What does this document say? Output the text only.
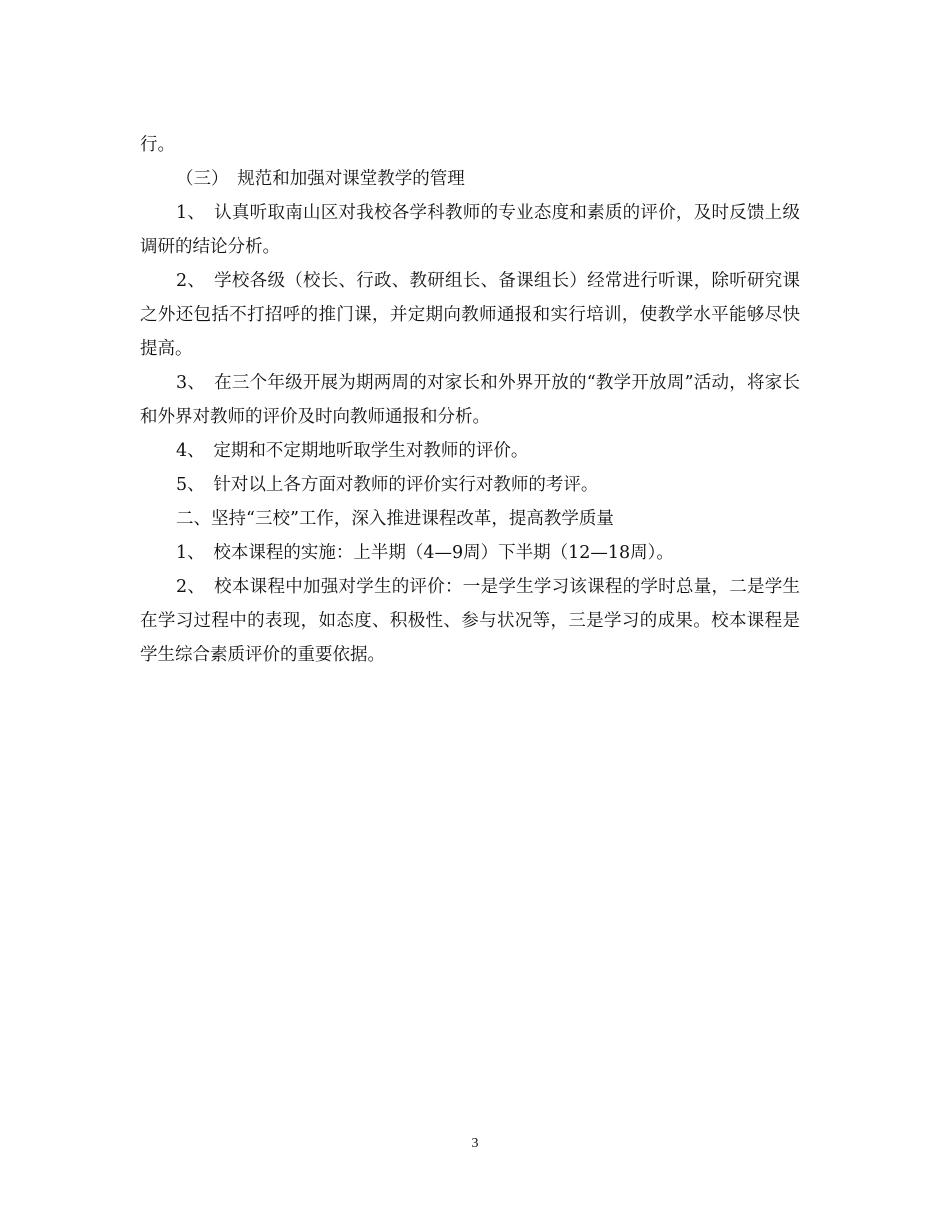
行。

（三）　规范和加强对课堂教学的管理

1、　认真听取南山区对我校各学科教师的专业态度和素质的评价，及时反馈上级调研的结论分析。

2、　学校各级（校长、行政、教研组长、备课组长）经常进行听课，除听研究课之外还包括不打招呼的推门课，并定期向教师通报和实行培训，使教学水平能够尽快提高。

3、　在三个年级开展为期两周的对家长和外界开放的“教学开放周”活动，将家长和外界对教师的评价及时向教师通报和分析。

4、　定期和不定期地听取学生对教师的评价。

5、　针对以上各方面对教师的评价实行对教师的考评。

二、坚持“三校”工作，深入推进课程改革，提高教学质量

1、　校本课程的实施：上半期（4—9周）下半期（12—18周）。

2、　校本课程中加强对学生的评价：一是学生学习该课程的学时总量，二是学生在学习过程中的表现，如态度、积极性、参与状况等，三是学习的成果。校本课程是学生综合素质评价的重要依据。

3
